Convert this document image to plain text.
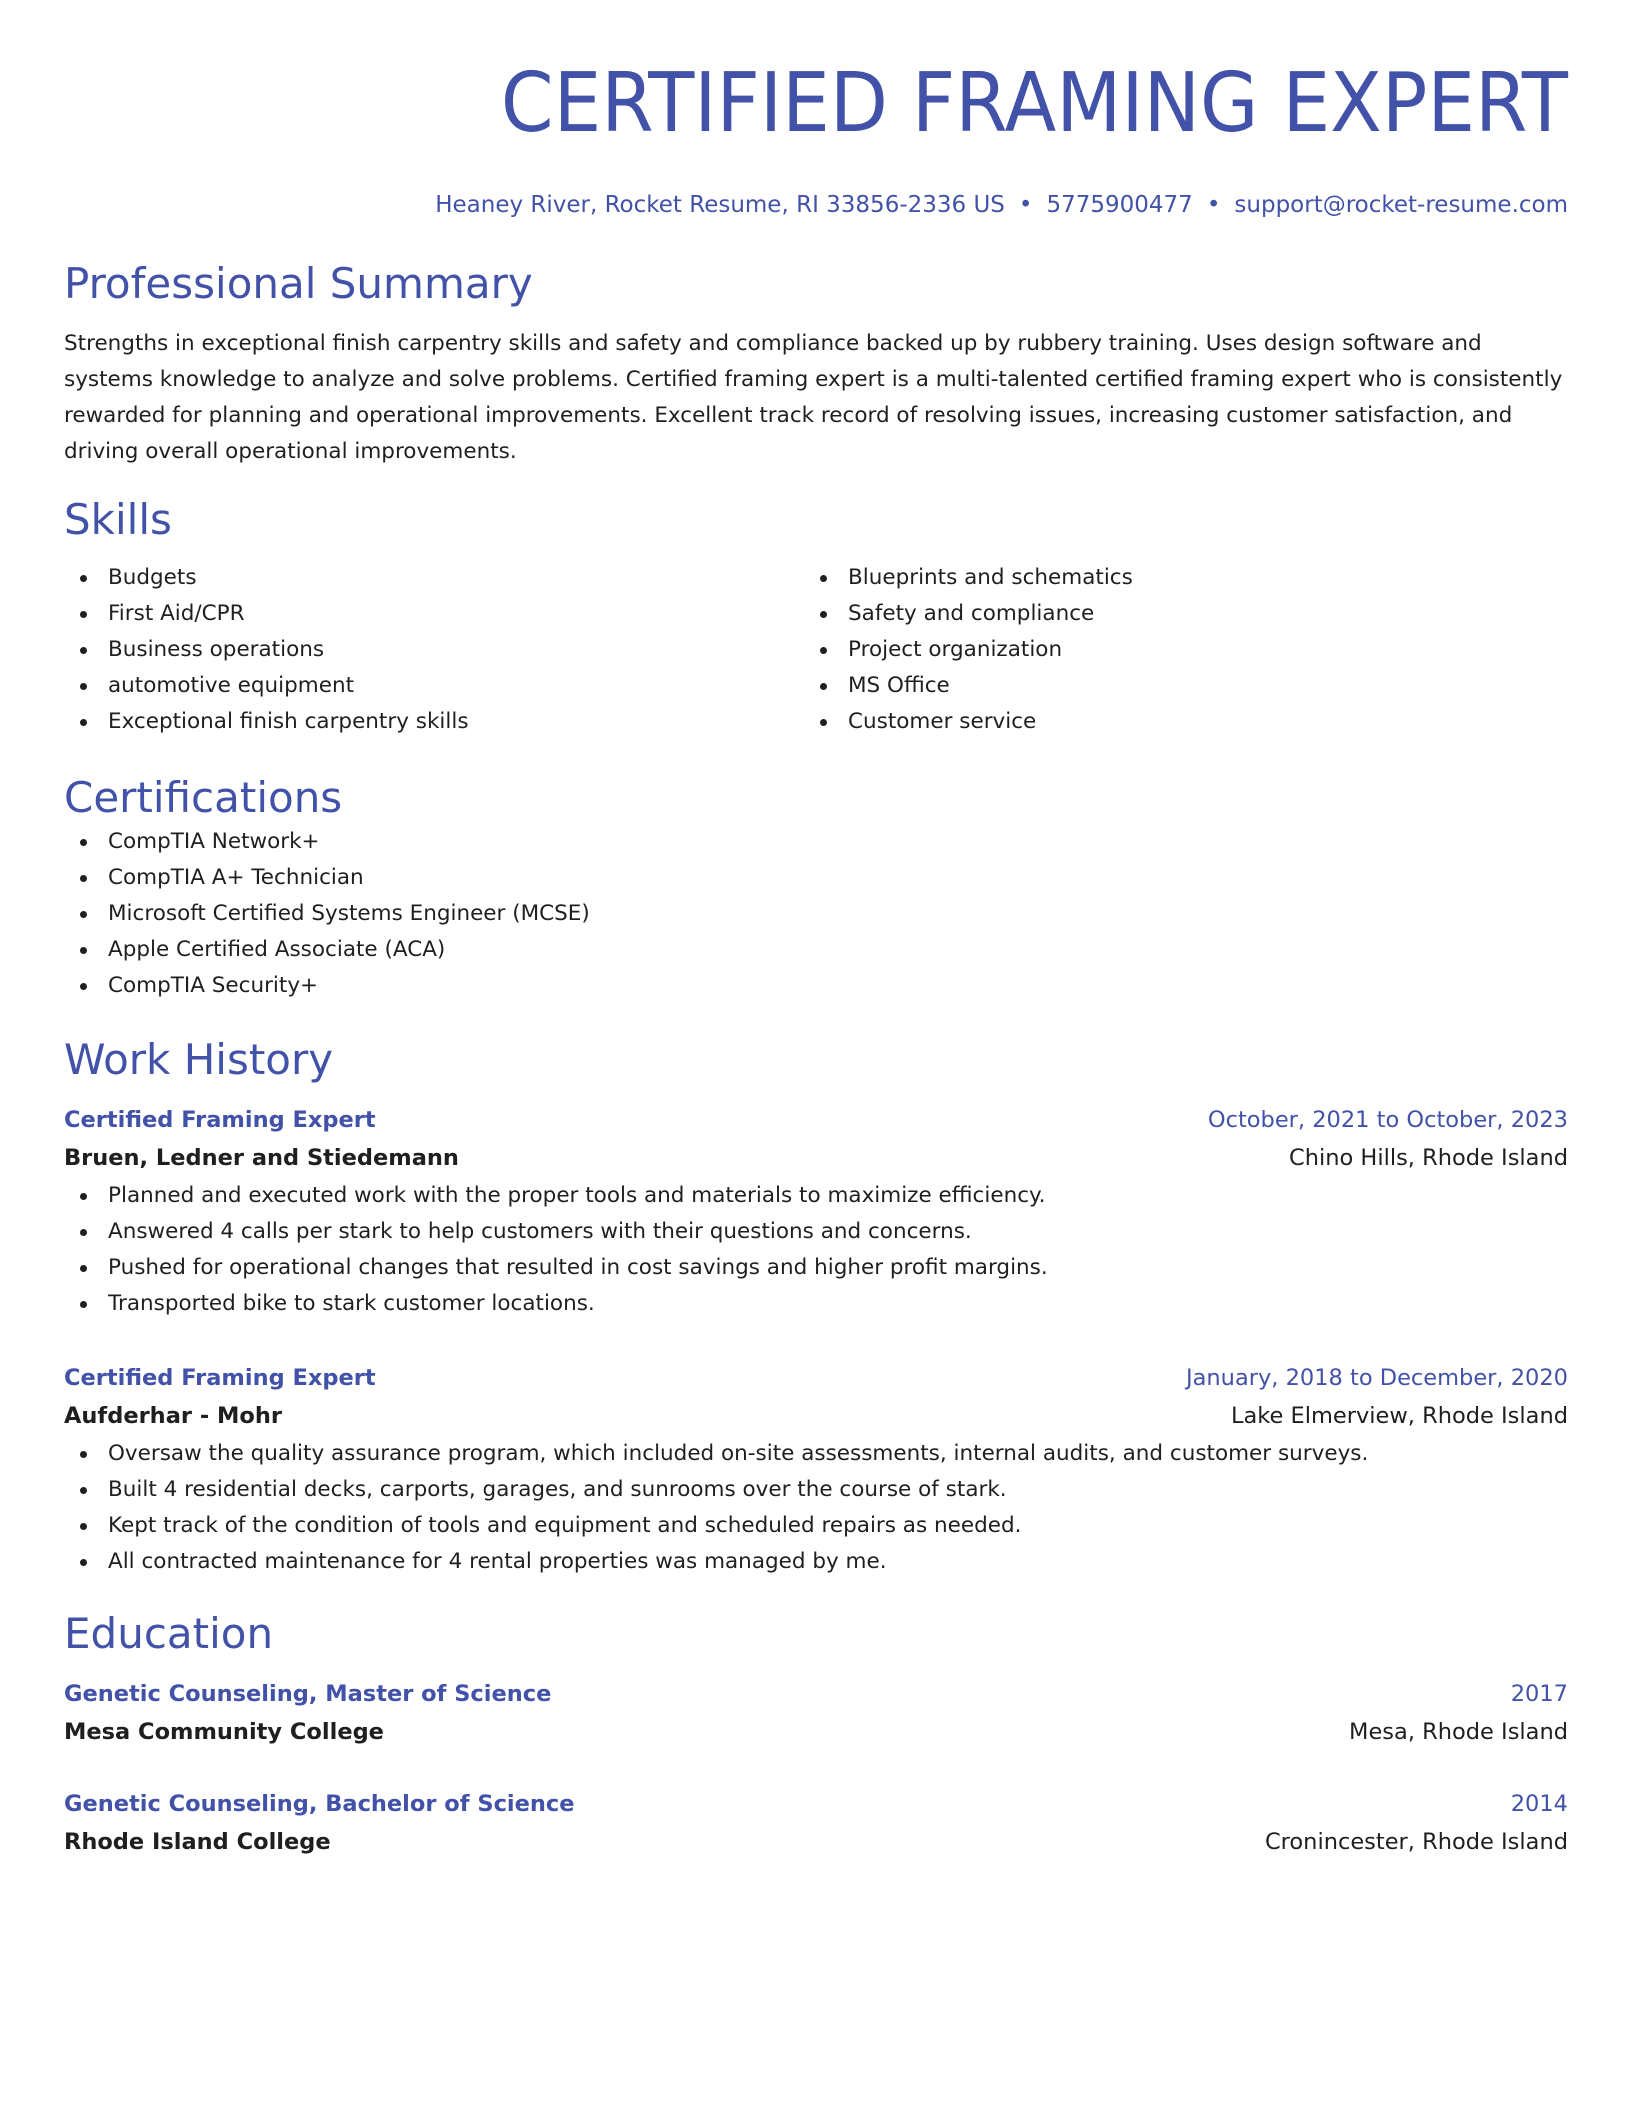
CERTIFIED FRAMING EXPERT
Heaney River, Rocket Resume, RI 33856-2336 US • 5775900477 • support@rocket-resume.com
Professional Summary
Strengths in exceptional finish carpentry skills and safety and compliance backed up by rubbery training. Uses design software and systems knowledge to analyze and solve problems. Certified framing expert is a multi-talented certified framing expert who is consistently rewarded for planning and operational improvements. Excellent track record of resolving issues, increasing customer satisfaction, and driving overall operational improvements.
Skills
Budgets
First Aid/CPR
Business operations
automotive equipment
Exceptional finish carpentry skills
Blueprints and schematics
Safety and compliance
Project organization
MS Office
Customer service
Certifications
CompTIA Network+
CompTIA A+ Technician
Microsoft Certified Systems Engineer (MCSE)
Apple Certified Associate (ACA)
CompTIA Security+
Work History
Certified Framing Expert	October, 2021 to October, 2023
Bruen, Ledner and Stiedemann	Chino Hills, Rhode Island
Planned and executed work with the proper tools and materials to maximize efficiency.
Answered 4 calls per stark to help customers with their questions and concerns.
Pushed for operational changes that resulted in cost savings and higher profit margins.
Transported bike to stark customer locations.
Certified Framing Expert	January, 2018 to December, 2020
Aufderhar - Mohr	Lake Elmerview, Rhode Island
Oversaw the quality assurance program, which included on-site assessments, internal audits, and customer surveys.
Built 4 residential decks, carports, garages, and sunrooms over the course of stark.
Kept track of the condition of tools and equipment and scheduled repairs as needed.
All contracted maintenance for 4 rental properties was managed by me.
Education
Genetic Counseling, Master of Science	2017
Mesa Community College	Mesa, Rhode Island
Genetic Counseling, Bachelor of Science	2014
Rhode Island College	Cronincester, Rhode Island
